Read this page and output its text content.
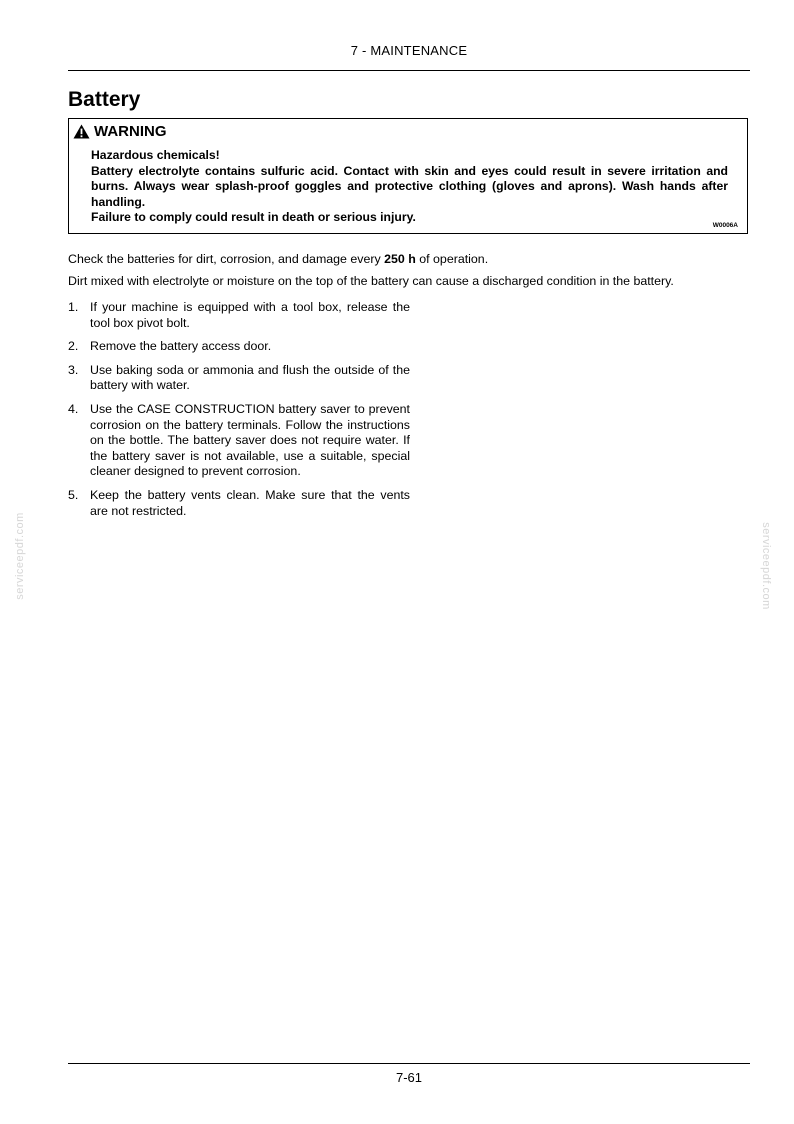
7 - MAINTENANCE
Battery
WARNING

Hazardous chemicals!

Battery electrolyte contains sulfuric acid. Contact with skin and eyes could result in severe irritation and burns. Always wear splash-proof goggles and protective clothing (gloves and aprons). Wash hands after handling.

Failure to comply could result in death or serious injury.

W0006A

Check the batteries for dirt, corrosion, and damage every 250 h of operation.

Dirt mixed with electrolyte or moisture on the top of the battery can cause a discharged condition in the battery.

1. If your machine is equipped with a tool box, release the tool box pivot bolt.
2. Remove the battery access door.
3. Use baking soda or ammonia and flush the outside of the battery with water.
4. Use the CASE CONSTRUCTION battery saver to prevent corrosion on the battery terminals. Follow the instructions on the bottle. The battery saver does not require water. If the battery saver is not available, use a suitable, special cleaner designed to prevent corrosion.
5. Keep the battery vents clean. Make sure that the vents are not restricted.
serviceepdf.com	serviceepdf.com
7-61
